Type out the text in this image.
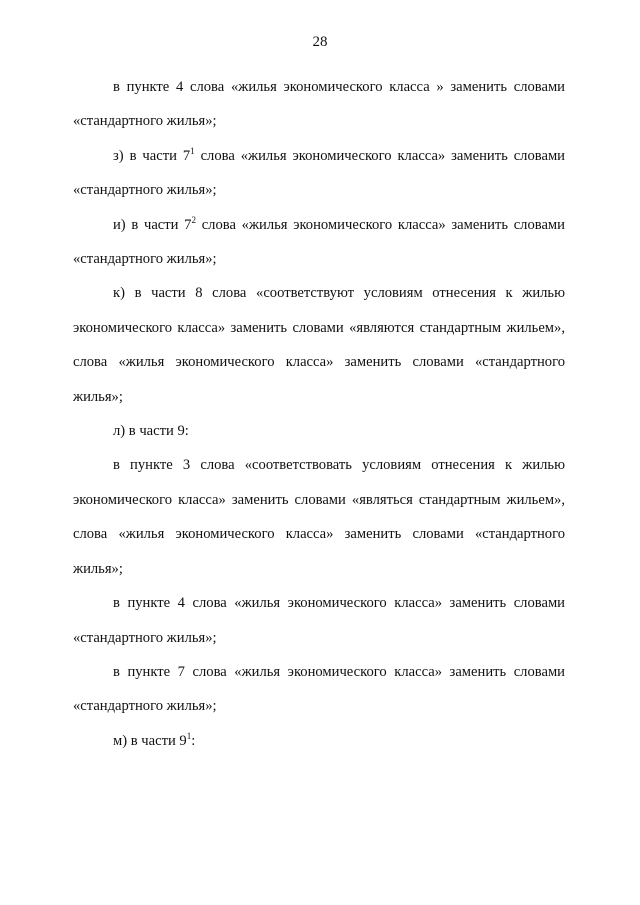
28

в пункте 4 слова «жилья экономического класса » заменить словами «стандартного жилья»;

з) в части $7^1$ слова «жилья экономического класса» заменить словами «стандартного жилья»;

и) в части $7^2$ слова «жилья экономического класса» заменить словами «стандартного жилья»;

к) в части 8 слова «соответствуют условиям отнесения к жилью экономического класса» заменить словами «являются стандартным жильем», слова «жилья экономического класса» заменить словами «стандартного жилья»;

л) в части 9:

в пункте 3 слова «соответствовать условиям отнесения к жилью экономического класса» заменить словами «являться стандартным жильем», слова «жилья экономического класса» заменить словами «стандартного жилья»;

в пункте 4 слова «жилья экономического класса» заменить словами «стандартного жилья»;

в пункте 7 слова «жилья экономического класса» заменить словами «стандартного жилья»;

м) в части $9^1$:
